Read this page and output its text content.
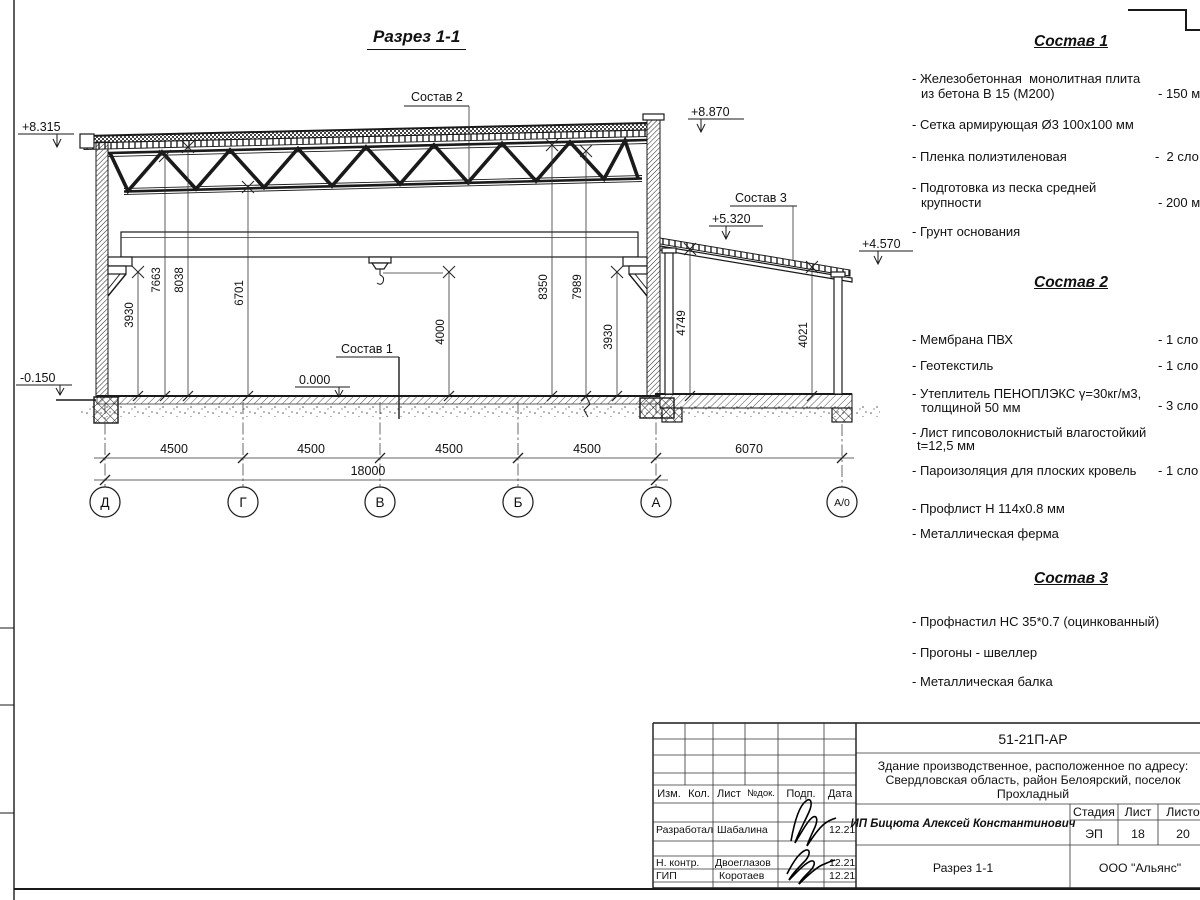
3930
7663 8038
6701
4000
8350 7989
3930
4749	4021
+8.315
+8.870
+5.320
+4.570
0.000
-0.150
Состав 2
Состав 1
Состав 3
4500	4500	4500	4500	6070
18000
Д	Г	В	Б	А	А/0
Изм. Кол. Лист №док. Подп. Дата
Разработал Шабалина	12.21
Н. контр. Двоеглазов	12.21
ГИП	Коротаев	12.21
51-21П-АР
Здание производственное, расположенное по адресу:
Свердловская область, район Белоярский, поселок
Прохладный
ИП Бицюта Алексей Константинович
Стадия Лист Листо
ЭП 18	20
Разрез 1-1	ООО "Альянс"
Разрез 1-1	Состав 1
- Железобетонная  монолитная плита
из бетона В 15 (М200)	- 150 м
- Сетка армирующая Ø3 100х100 мм
- Пленка полиэтиленовая	-  2 сло
- Подготовка из песка средней
крупности	- 200 м
- Грунт основания
Состав 2
- Мембрана ПВХ	- 1 сло
- Геотекстиль	- 1 сло
- Утеплитель ПЕНОПЛЭКС γ=30кг/м3,
толщиной 50 мм	- 3 сло
- Лист гипсоволокнистый влагостойкий
t=12,5 мм
- Пароизоляция для плоских кровель - 1 сло
- Профлист Н 114х0.8 мм
- Металлическая ферма
Состав 3
- Профнастил НС 35*0.7 (оцинкованный)
- Прогоны - швеллер
- Металлическая балка
